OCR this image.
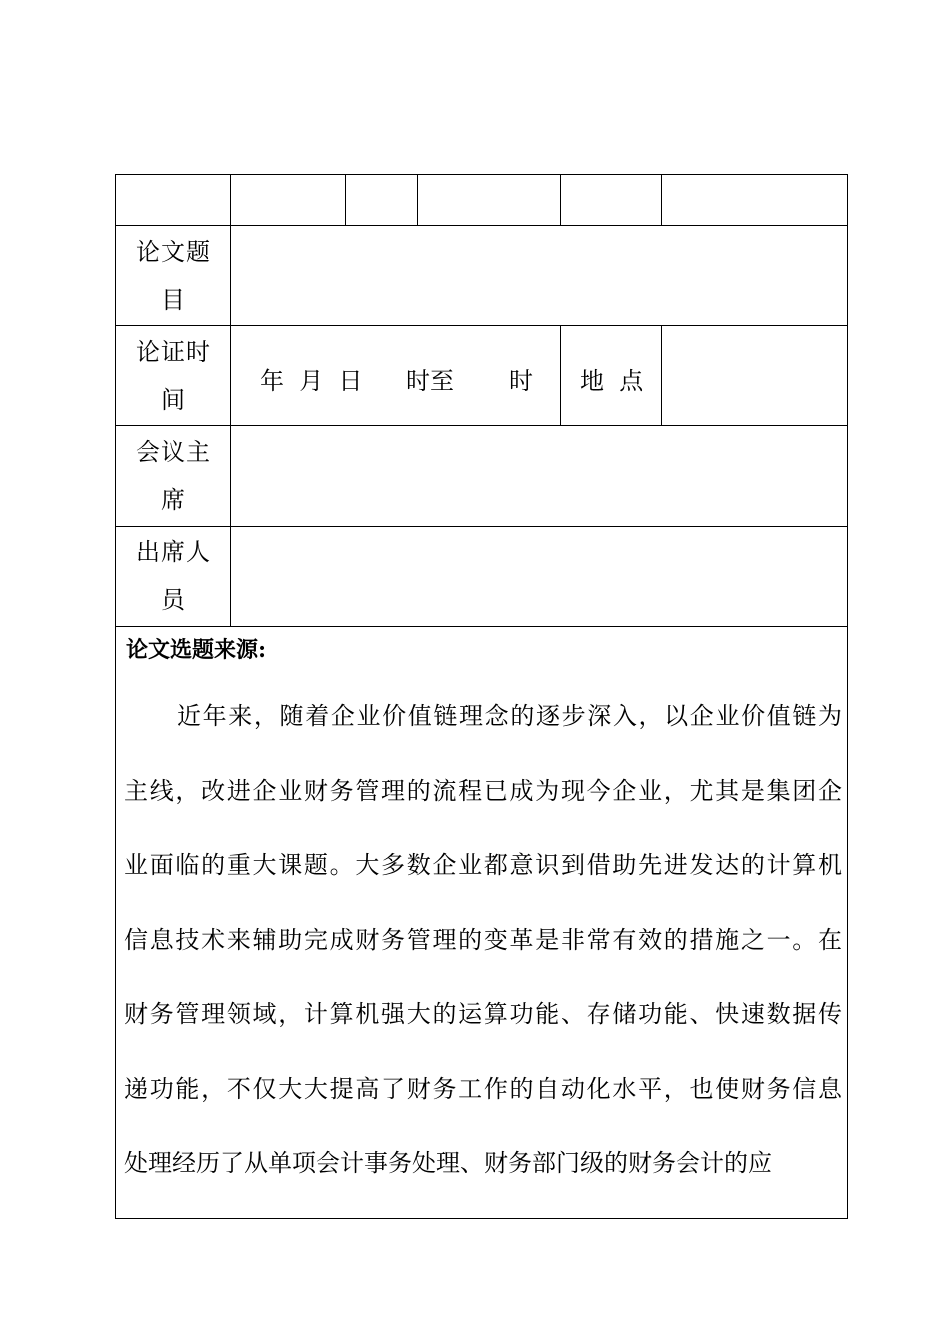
论文题
目
论证时
间
年  月  日 时至 时 地  点
会议主
席
出席人
员
论文选题来源:
近年来，随着企业价值链理念的逐步深入，以企业价值链为
主线，改进企业财务管理的流程已成为现今企业，尤其是集团企
业面临的重大课题。大多数企业都意识到借助先进发达的计算机
信息技术来辅助完成财务管理的变革是非常有效的措施之一。在
财务管理领域，计算机强大的运算功能、存储功能、快速数据传
递功能，不仅大大提高了财务工作的自动化水平，也使财务信息
处理经历了从单项会计事务处理、财务部门级的财务会计的应
